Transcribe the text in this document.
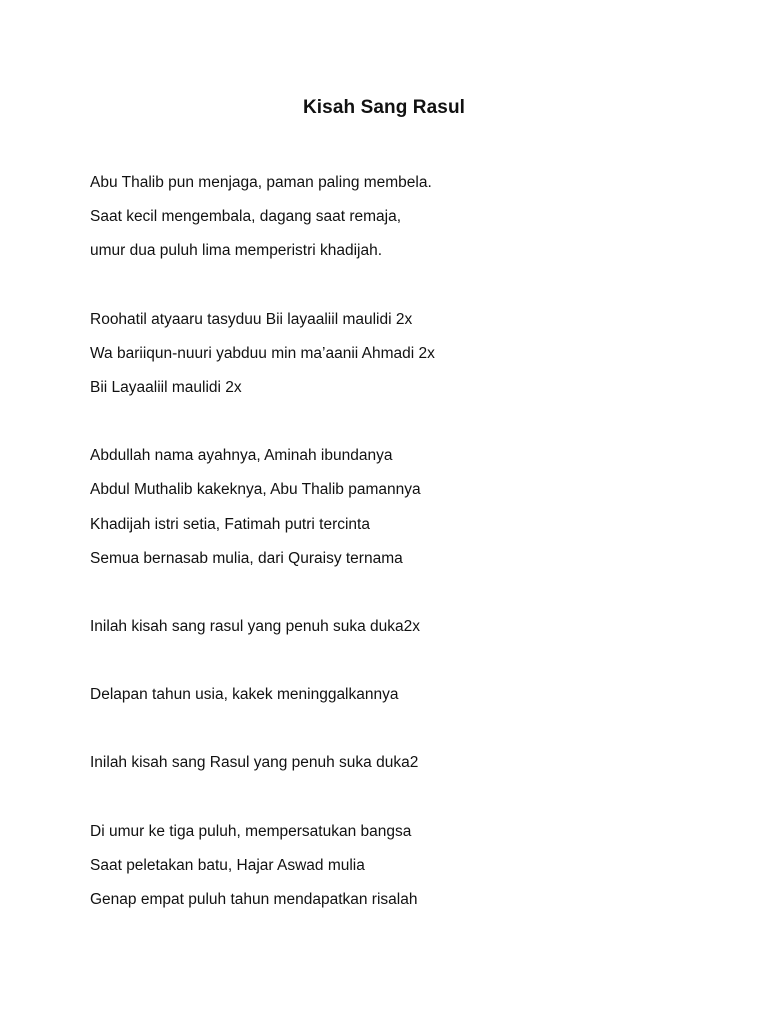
Kisah Sang Rasul
Abu Thalib pun menjaga, paman paling membela.
Saat kecil mengembala, dagang saat remaja,
umur dua puluh lima memperistri khadijah.
Roohatil atyaaru tasyduu Bii layaaliil maulidi 2x
Wa bariiqun-nuuri yabduu min ma’aanii Ahmadi 2x
Bii Layaaliil maulidi 2x
Abdullah nama ayahnya, Aminah ibundanya
Abdul Muthalib kakeknya, Abu Thalib pamannya
Khadijah istri setia, Fatimah putri tercinta
Semua bernasab mulia, dari Quraisy ternama
Inilah kisah sang rasul yang penuh suka duka2x
Delapan tahun usia, kakek meninggalkannya
Inilah kisah sang Rasul yang penuh suka duka2
Di umur ke tiga puluh, mempersatukan bangsa
Saat peletakan batu, Hajar Aswad mulia
Genap empat puluh tahun mendapatkan risalah
